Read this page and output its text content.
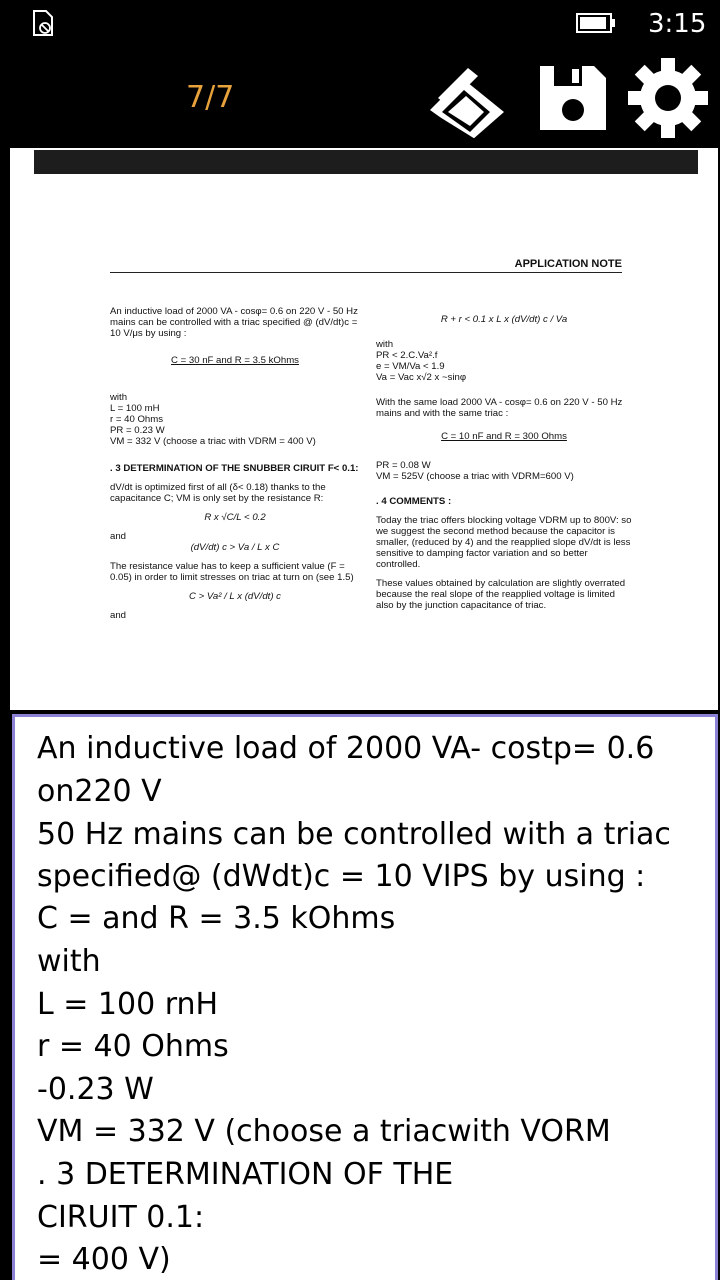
3:15
7/7
APPLICATION NOTE

An inductive load of 2000 VA - cosφ= 0.6 on 220 V - 50 Hz mains can be controlled with a triac specified @ (dV/dt)c = 10 V/μs by using :

C = 30 nF and R = 3.5 kOhms

with

L = 100 mH

r = 40 Ohms

PR = 0.23 W

VM = 332 V (choose a triac with VDRM = 400 V)

. 3 DETERMINATION OF THE SNUBBER CIRUIT F< 0.1:

dV/dt is optimized first of all (δ< 0.18) thanks to the capacitance C; VM is only set by the resistance R:

R x √C/L < 0.2

and

(dV/dt) c > Va / L x C

The resistance value has to keep a sufficient value (F = 0.05) in order to limit stresses on triac at turn on (see 1.5)

C > Va² / L x (dV/dt) c

and

R + r < 0.1 x L x (dV/dt) c / Va

with

PR < 2.C.Va².f

e = VM/Va < 1.9

Va = Vac x√2 x ~sinφ

With the same load 2000 VA - cosφ= 0.6 on 220 V - 50 Hz mains and with the same triac :

C = 10 nF and R = 300 Ohms

PR = 0.08 W

VM = 525V (choose a triac with VDRM=600 V)

. 4 COMMENTS :

Today the triac offers blocking voltage VDRM up to 800V: so we suggest the second method because the capacitor is smaller, (reduced by 4) and the reapplied slope dV/dt is less sensitive to damping factor variation and so better controlled.

These values obtained by calculation are slightly overrated because the real slope of the reapplied voltage is limited also by the junction capacitance of triac.

An inductive load of 2000 VA- costp= 0.6
on220 V
50 Hz mains can be controlled with a triac
specified@ (dWdt)c = 10 VIPS by using :
C = and R = 3.5 kOhms
with
L = 100 rnH
r = 40 Ohms
-0.23 W
VM = 332 V (choose a triacwith VORM
. 3 DETERMINATION OF THE
CIRUIT 0.1:
= 400 V)
